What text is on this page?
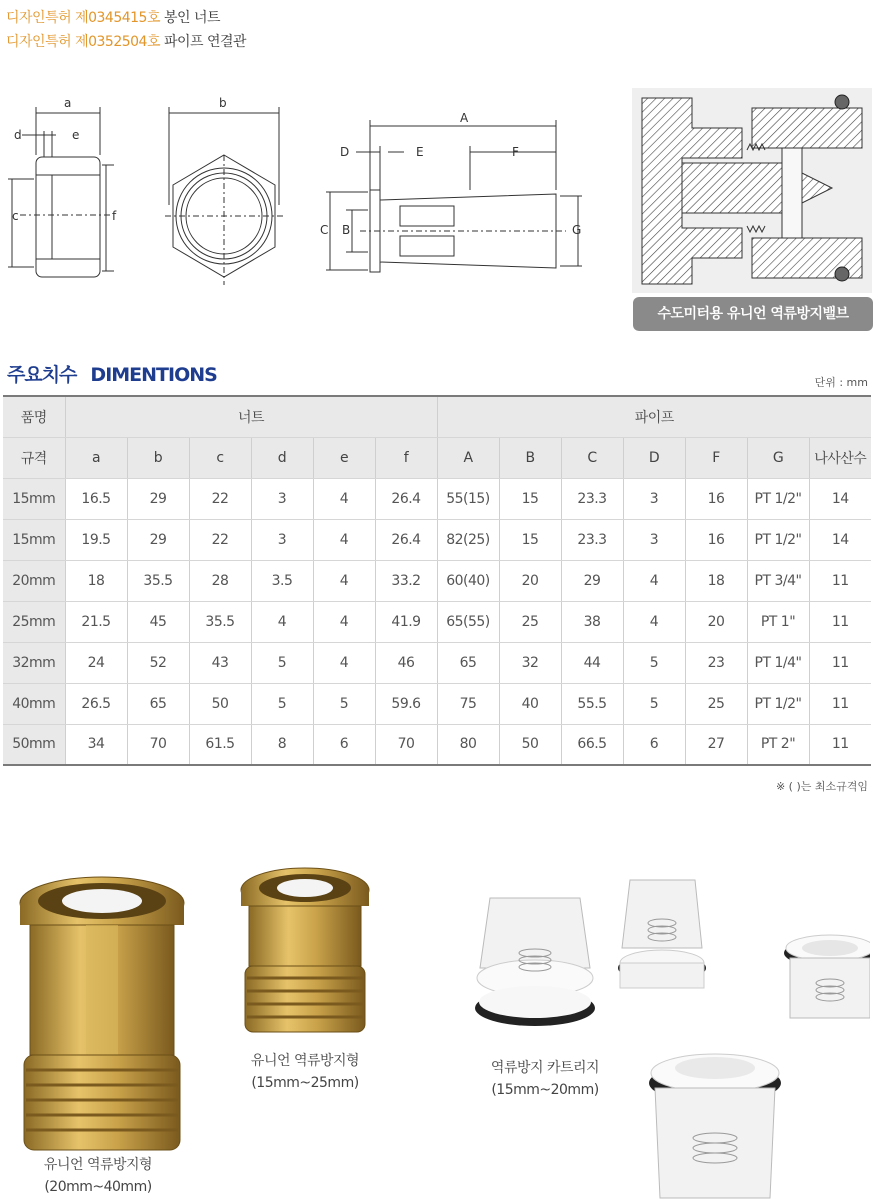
디자인특허 제0345415호 봉인 너트
디자인특허 제0352504호 파이프 연결관
a
d	e
c	f
b
A
D	E	F
C B	G
수도미터용 유니언 역류방지밸브
주요치수 DIMENTIONS	단위 : mm
품명	너트						파이프						
규격	a	b	c	d	e	f	A	B	C	D	F	G	나사산수
15mm	16.5	29	22	3	4	26.4	55(15)	15	23.3	3	16	PT 1/2"	14
15mm	19.5	29	22	3	4	26.4	82(25)	15	23.3	3	16	PT 1/2"	14
20mm	18	35.5	28	3.5	4	33.2	60(40)	20	29	4	18	PT 3/4"	11
25mm	21.5	45	35.5	4	4	41.9	65(55)	25	38	4	20	PT 1"	11
32mm	24	52	43	5	4	46	65	32	44	5	23	PT 1/4"	11
40mm	26.5	65	50	5	5	59.6	75	40	55.5	5	25	PT 1/2"	11
50mm	34	70	61.5	8	6	70	80	50	66.5	6	27	PT 2"	11
※ ( )는 최소규격임
유니언 역류방지형
(20mm~40mm)
유니언 역류방지형
(15mm~25mm)
역류방지 카트리지
(15mm~20mm)
